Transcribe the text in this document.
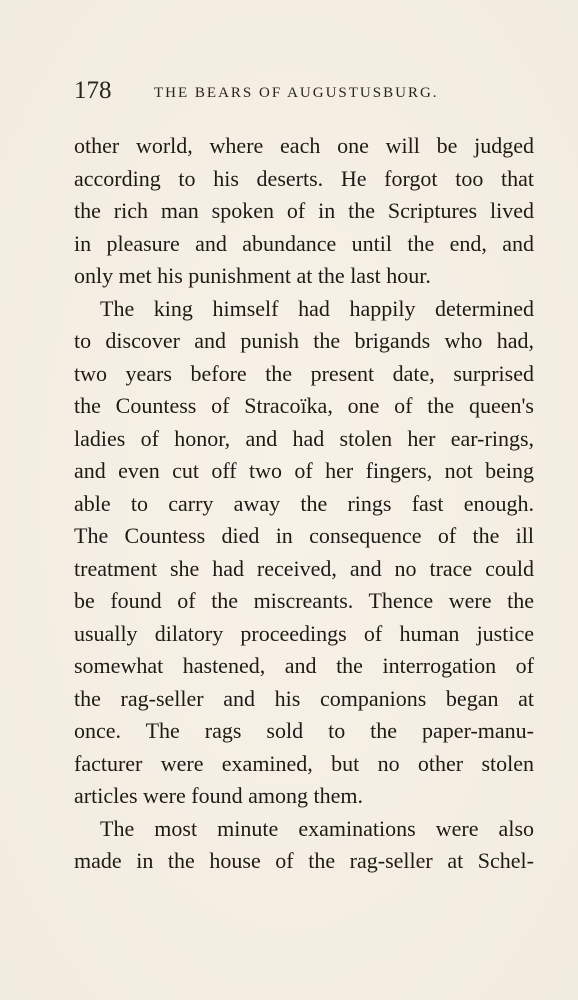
178	THE BEARS OF AUGUSTUSBURG.
other world, where each one will be judged
according to his deserts. He forgot too that
the rich man spoken of in the Scriptures lived
in pleasure and abundance until the end, and
only met his punishment at the last hour.
The king himself had happily determined
to discover and punish the brigands who had,
two years before the present date, surprised
the Countess of Stracoïka, one of the queen's
ladies of honor, and had stolen her ear-rings,
and even cut off two of her fingers, not being
able to carry away the rings fast enough.
The Countess died in consequence of the ill
treatment she had received, and no trace could
be found of the miscreants. Thence were the
usually dilatory proceedings of human justice
somewhat hastened, and the interrogation of
the rag-seller and his companions began at
once. The rags sold to the paper-manu-
facturer were examined, but no other stolen
articles were found among them.
The most minute examinations were also
made in the house of the rag-seller at Schel-
